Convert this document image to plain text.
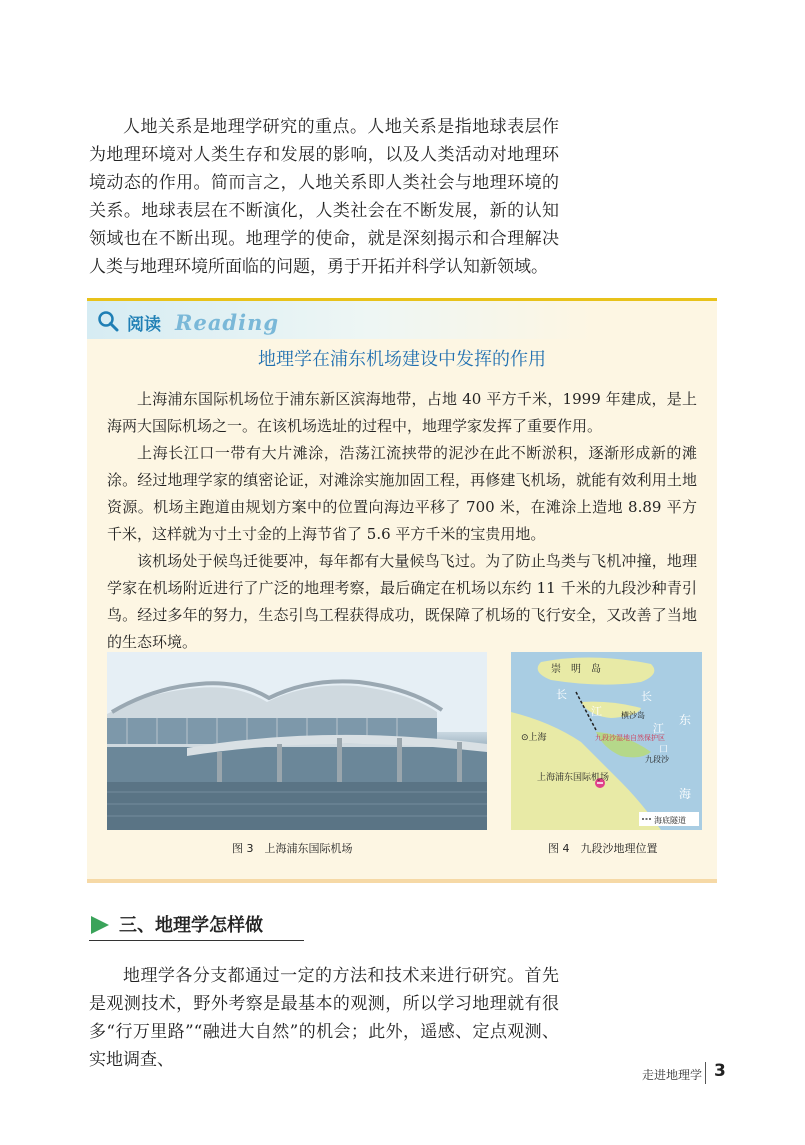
人地关系是地理学研究的重点。人地关系是指地球表层作为地理环境对人类生存和发展的影响，以及人类活动对地理环境动态的作用。简而言之，人地关系即人类社会与地理环境的关系。地球表层在不断演化，人类社会在不断发展，新的认知领域也在不断出现。地理学的使命，就是深刻揭示和合理解决人类与地理环境所面临的问题，勇于开拓并科学认知新领域。

阅读 Reading
地理学在浦东机场建设中发挥的作用

上海浦东国际机场位于浦东新区滨海地带，占地 40 平方千米，1999 年建成，是上海两大国际机场之一。在该机场选址的过程中，地理学家发挥了重要作用。

上海长江口一带有大片滩涂，浩荡江流挟带的泥沙在此不断淤积，逐渐形成新的滩涂。经过地理学家的缜密论证，对滩涂实施加固工程，再修建飞机场，就能有效利用土地资源。机场主跑道由规划方案中的位置向海边平移了 700 米，在滩涂上造地 8.89 平方千米，这样就为寸土寸金的上海节省了 5.6 平方千米的宝贵用地。

该机场处于候鸟迁徙要冲，每年都有大量候鸟飞过。为了防止鸟类与飞机冲撞，地理学家在机场附近进行了广泛的地理考察，最后确定在机场以东约 11 千米的九段沙种青引鸟。经过多年的努力，生态引鸟工程获得成功，既保障了机场的飞行安全，又改善了当地的生态环境。

崇　明　岛
长
江
长
江
口
横沙岛
九段沙湿地自然保护区
九段沙
⊙上海
上海浦东国际机场
东
海
海底隧道
图 3　上海浦东国际机场	图 4　九段沙地理位置
三、地理学怎样做

地理学各分支都通过一定的方法和技术来进行研究。首先是观测技术，野外考察是最基本的观测，所以学习地理就有很多“行万里路”“融进大自然”的机会；此外，遥感、定点观测、实地调查、

走进地理学 3
